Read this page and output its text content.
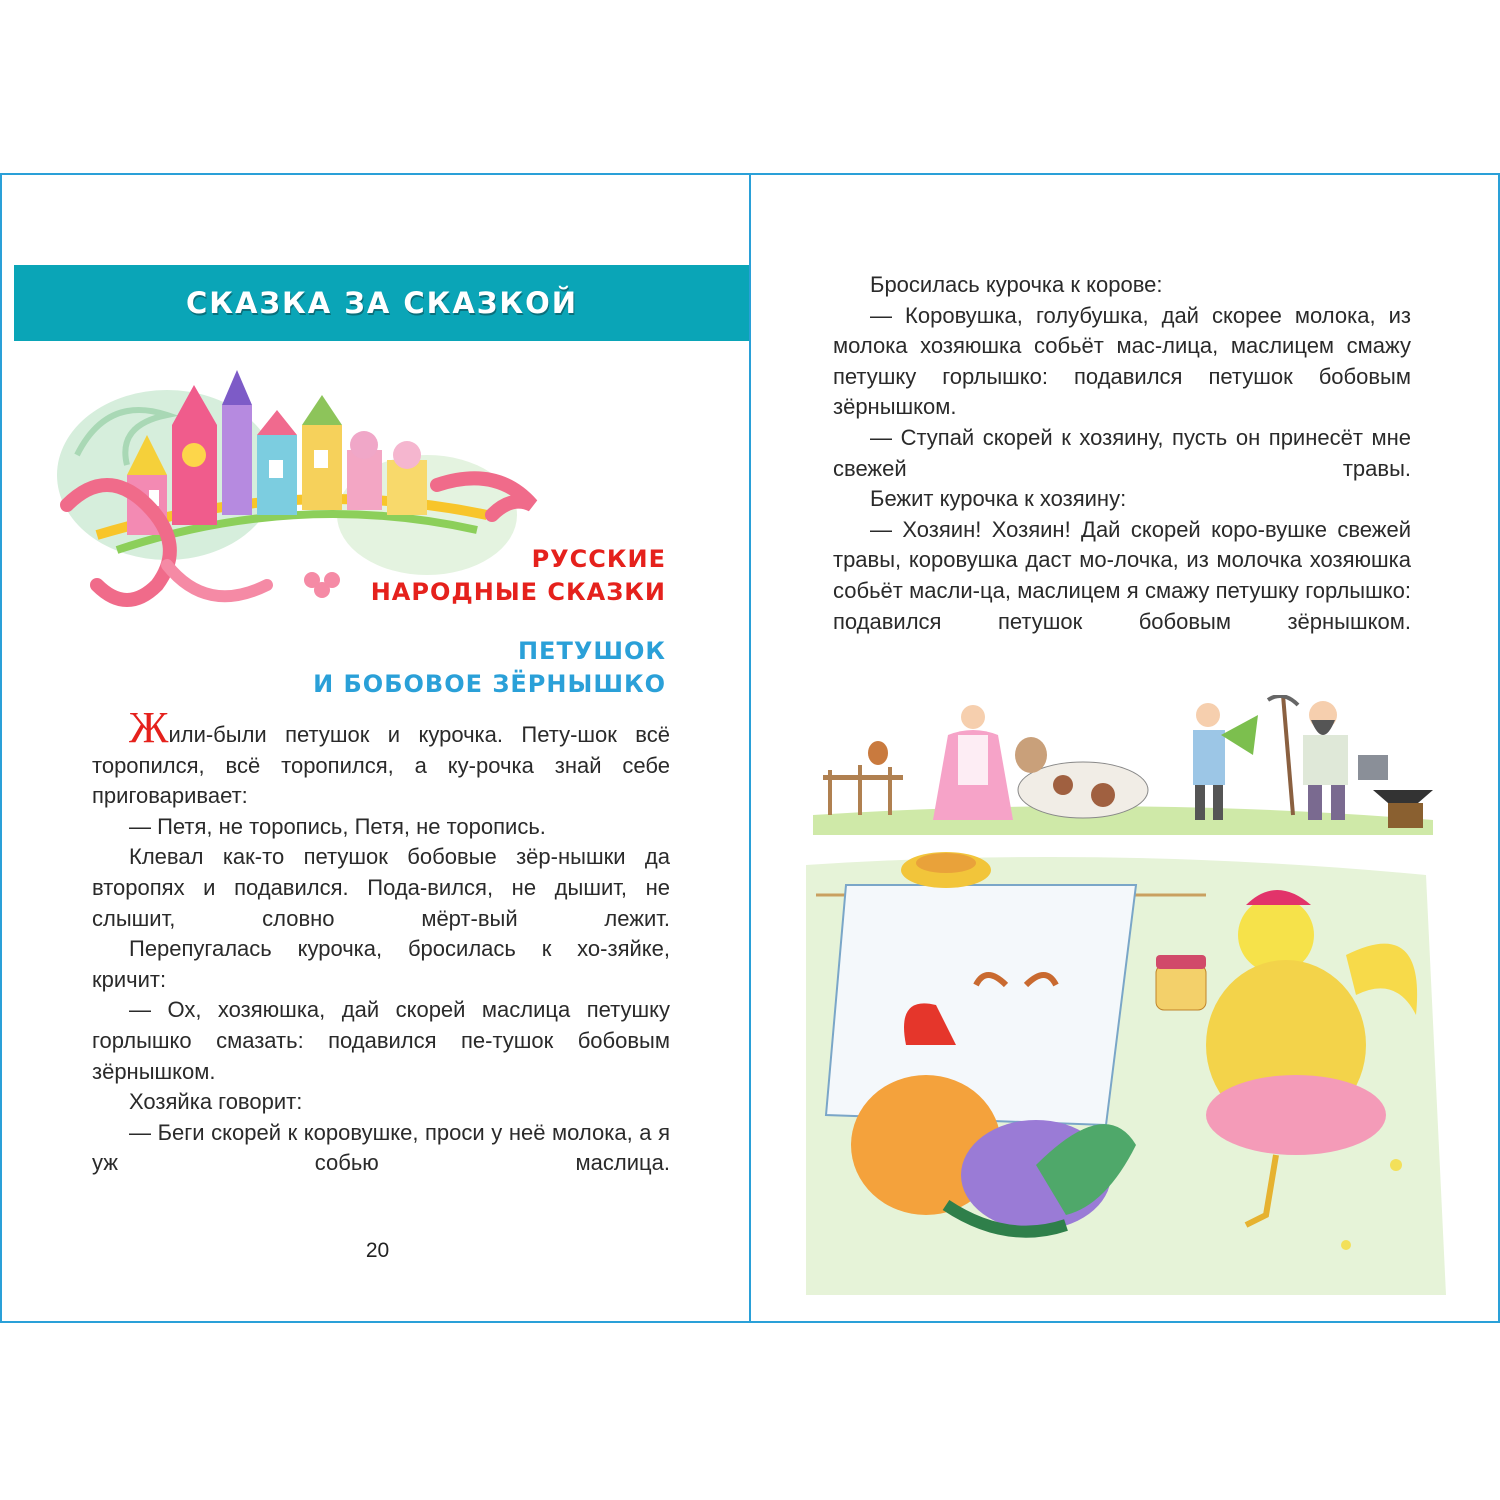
СКАЗКА ЗА СКАЗКОЙ
РУССКИЕ
НАРОДНЫЕ СКАЗКИ
ПЕТУШОК
И БОБОВОЕ ЗЁРНЫШКО

Жили-были петушок и курочка. Пету-шок всё торопился, всё торопился, а ку-рочка знай себе приговаривает:

— Петя, не торопись, Петя, не торопись.

Клевал как-то петушок бобовые зёр-нышки да второпях и подавился. Пода-вился, не дышит, не слышит, словно мёрт-вый лежит.

Перепугалась курочка, бросилась к хо-зяйке, кричит:

— Ох, хозяюшка, дай скорей маслица петушку горлышко смазать: подавился пе-тушок бобовым зёрнышком.

Хозяйка говорит:

— Беги скорей к коровушке, проси у неё молока, а я уж собью маслица.

20

Бросилась курочка к корове:

— Коровушка, голубушка, дай скорее молока, из молока хозяюшка собьёт мас-лица, маслицем смажу петушку горлышко: подавился петушок бобовым зёрнышком.

— Ступай скорей к хозяину, пусть он принесёт мне свежей травы.

Бежит курочка к хозяину:

— Хозяин! Хозяин! Дай скорей коро-вушке свежей травы, коровушка даст мо-лочка, из молочка хозяюшка собьёт масли-ца, маслицем я смажу петушку горлышко: подавился петушок бобовым зёрнышком.
